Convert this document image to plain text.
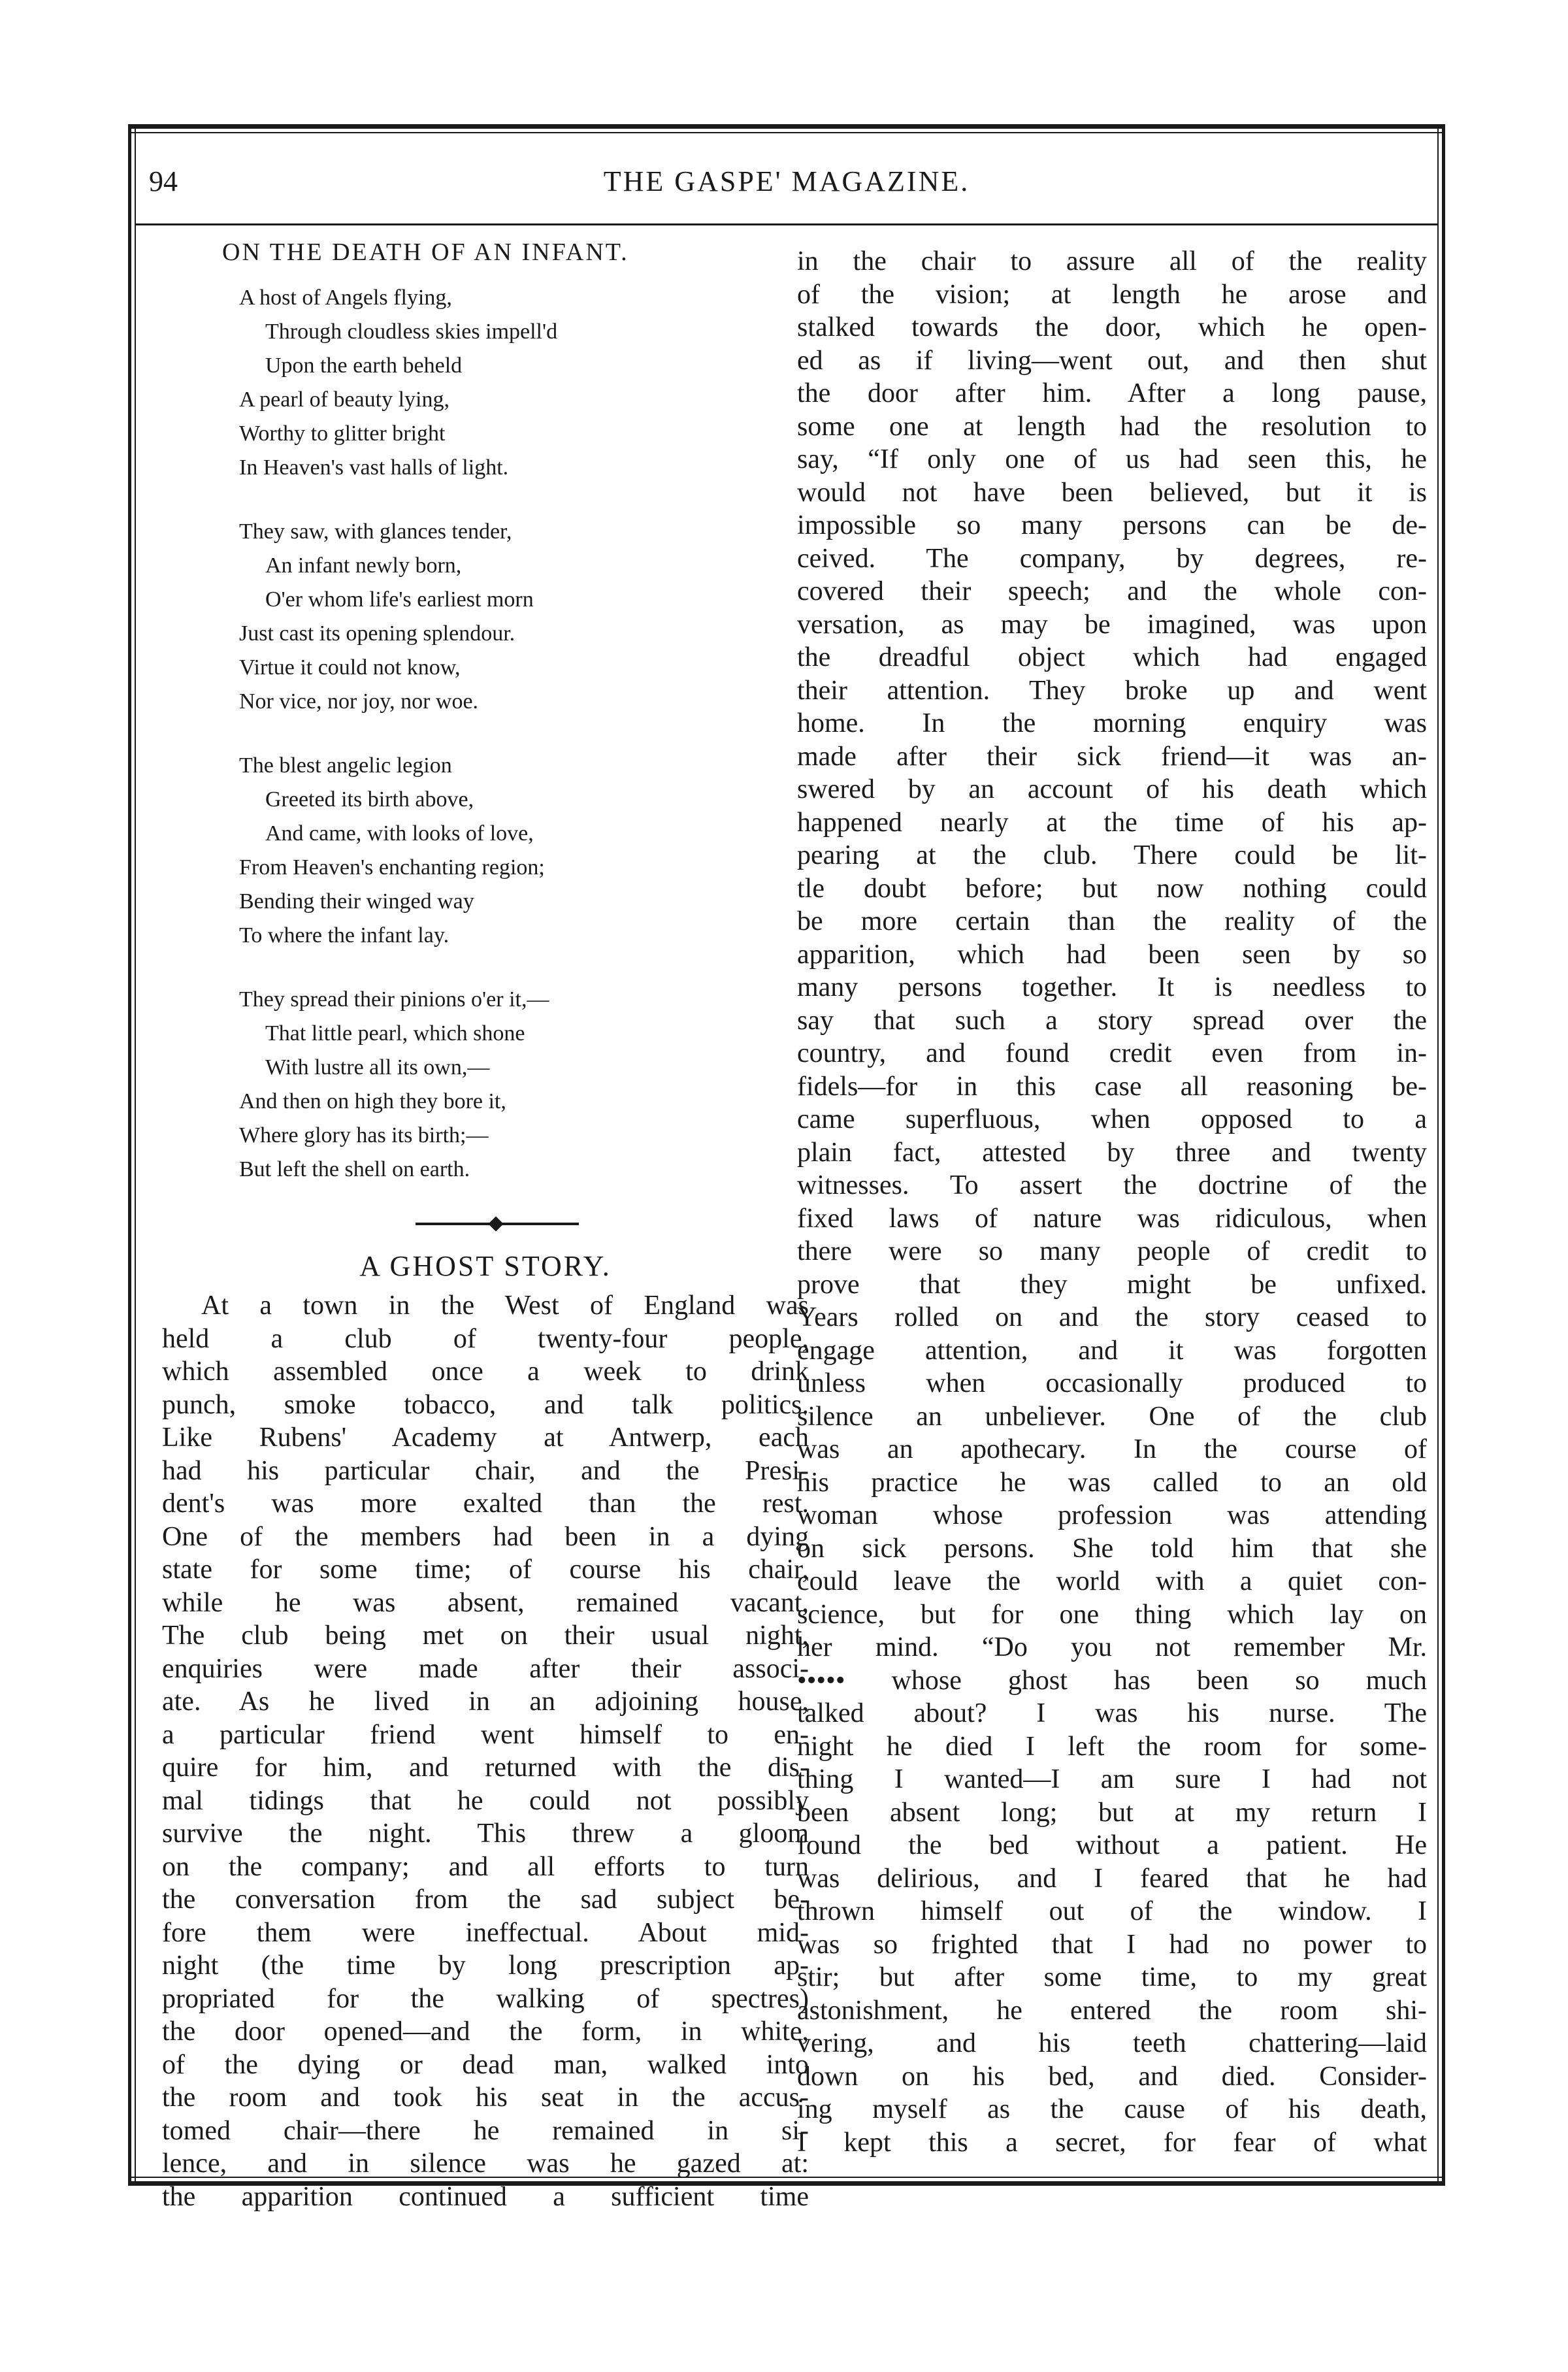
94	THE GASPE' MAGAZINE.
ON THE DEATH OF AN INFANT.
A host of Angels flying,
Through cloudless skies impell'd
Upon the earth beheld
A pearl of beauty lying,
Worthy to glitter bright
In Heaven's vast halls of light.
They saw, with glances tender,
An infant newly born,
O'er whom life's earliest morn
Just cast its opening splendour.
Virtue it could not know,
Nor vice, nor joy, nor woe.
The blest angelic legion
Greeted its birth above,
And came, with looks of love,
From Heaven's enchanting region;
Bending their winged way
To where the infant lay.
They spread their pinions o'er it,—
That little pearl, which shone
With lustre all its own,—
And then on high they bore it,
Where glory has its birth;—
But left the shell on earth.
A GHOST STORY.
At a town in the West of England was
held a club of twenty-four people,
which assembled once a week to drink
punch, smoke tobacco, and talk politics.
Like Rubens' Academy at Antwerp, each
had his particular chair, and the Presi-
dent's was more exalted than the rest.
One of the members had been in a dying
state for some time; of course his chair,
while he was absent, remained vacant,
The club being met on their usual night,
enquiries were made after their associ-
ate. As he lived in an adjoining house,
a particular friend went himself to en-
quire for him, and returned with the dis-
mal tidings that he could not possibly
survive the night. This threw a gloom
on the company; and all efforts to turn
the conversation from the sad subject be-
fore them were ineffectual. About mid-
night (the time by long prescription ap-
propriated for the walking of spectres)
the door opened—and the form, in white,
of the dying or dead man, walked into
the room and took his seat in the accus-
tomed chair—there he remained in si-
lence, and in silence was he gazed at:
the apparition continued a sufficient time
in the chair to assure all of the reality
of the vision; at length he arose and
stalked towards the door, which he open-
ed as if living—went out, and then shut
the door after him. After a long pause,
some one at length had the resolution to
say, “If only one of us had seen this, he
would not have been believed, but it is
impossible so many persons can be de-
ceived. The company, by degrees, re-
covered their speech; and the whole con-
versation, as may be imagined, was upon
the dreadful object which had engaged
their attention. They broke up and went
home. In the morning enquiry was
made after their sick friend—it was an-
swered by an account of his death which
happened nearly at the time of his ap-
pearing at the club. There could be lit-
tle doubt before; but now nothing could
be more certain than the reality of the
apparition, which had been seen by so
many persons together. It is needless to
say that such a story spread over the
country, and found credit even from in-
fidels—for in this case all reasoning be-
came superfluous, when opposed to a
plain fact, attested by three and twenty
witnesses. To assert the doctrine of the
fixed laws of nature was ridiculous, when
there were so many people of credit to
prove that they might be unfixed.
Years rolled on and the story ceased to
engage attention, and it was forgotten
unless when occasionally produced to
silence an unbeliever. One of the club
was an apothecary. In the course of
his practice he was called to an old
woman whose profession was attending
on sick persons. She told him that she
could leave the world with a quiet con-
science, but for one thing which lay on
her mind. “Do you not remember Mr.
••••• whose ghost has been so much
talked about? I was his nurse. The
night he died I left the room for some-
thing I wanted—I am sure I had not
been absent long; but at my return I
found the bed without a patient. He
was delirious, and I feared that he had
thrown himself out of the window. I
was so frighted that I had no power to
stir; but after some time, to my great
astonishment, he entered the room shi-
vering, and his teeth chattering—laid
down on his bed, and died. Consider-
ing myself as the cause of his death,
I kept this a secret, for fear of what
